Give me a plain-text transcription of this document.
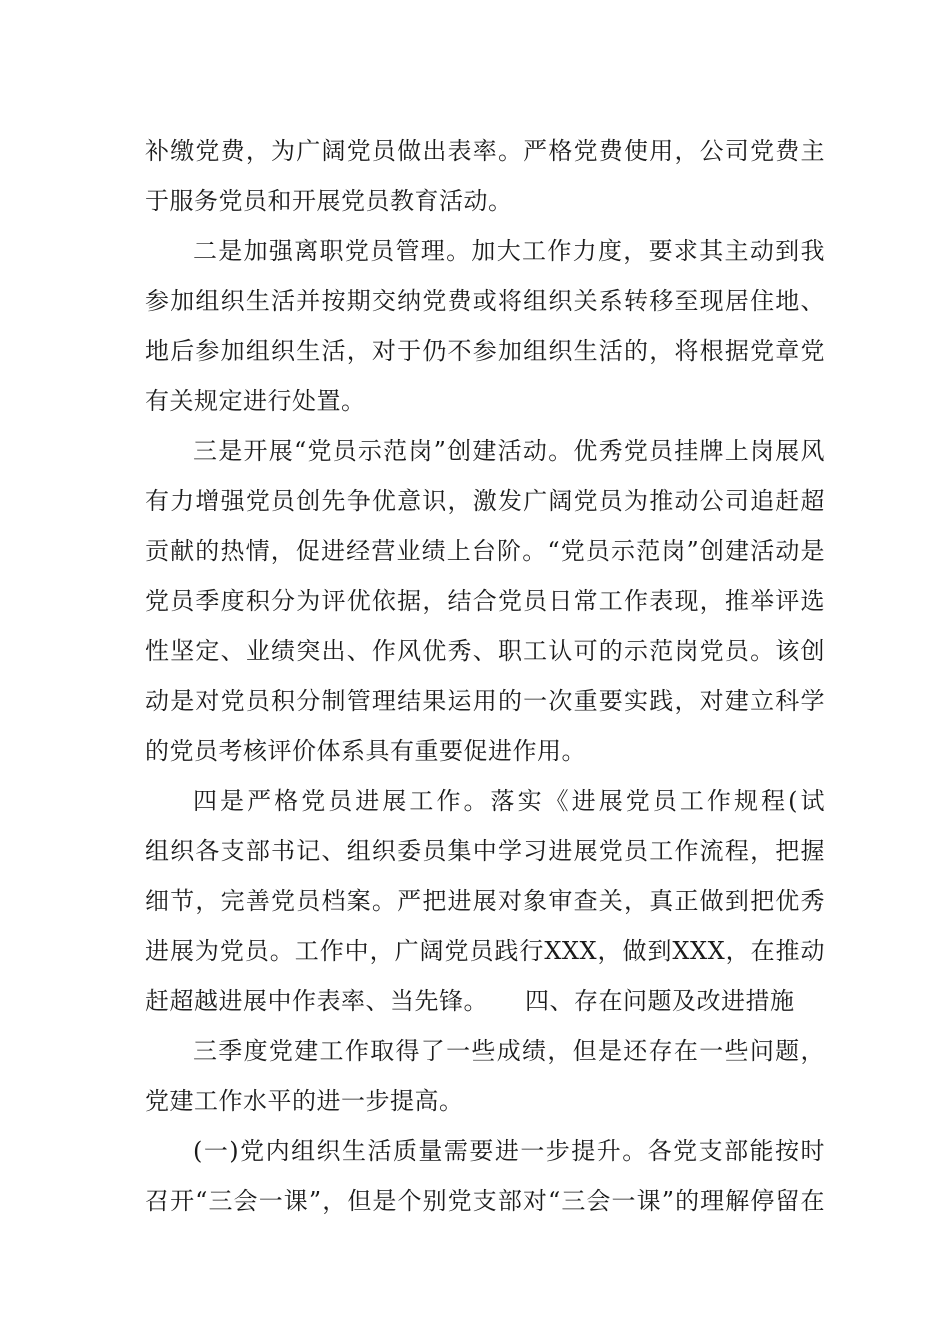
补缴党费，为广阔党员做出表率。严格党费使用，公司党费主
于服务党员和开展党员教育活动。
二是加强离职党员管理。加大工作力度，要求其主动到我
参加组织生活并按期交纳党费或将组织关系转移至现居住地、
地后参加组织生活，对于仍不参加组织生活的，将根据党章党
有关规定进行处置。
三是开展“党员示范岗”创建活动。优秀党员挂牌上岗展风
有力增强党员创先争优意识，激发广阔党员为推动公司追赶超
贡献的热情，促进经营业绩上台阶。“党员示范岗”创建活动是
党员季度积分为评优依据，结合党员日常工作表现，推举评选
性坚定、业绩突出、作风优秀、职工认可的示范岗党员。该创
动是对党员积分制管理结果运用的一次重要实践，对建立科学
的党员考核评价体系具有重要促进作用。
四是严格党员进展工作。落实《进展党员工作规程(试
组织各支部书记、组织委员集中学习进展党员工作流程，把握
细节，完善党员档案。严把进展对象审查关，真正做到把优秀
进展为党员。工作中，广阔党员践行XXX，做到XXX，在推动
赶超越进展中作表率、当先锋。　　四、存在问题及改进措施
三季度党建工作取得了一些成绩，但是还存在一些问题，
党建工作水平的进一步提高。
(一)党内组织生活质量需要进一步提升。各党支部能按时
召开“三会一课”，但是个别党支部对“三会一课”的理解停留在
